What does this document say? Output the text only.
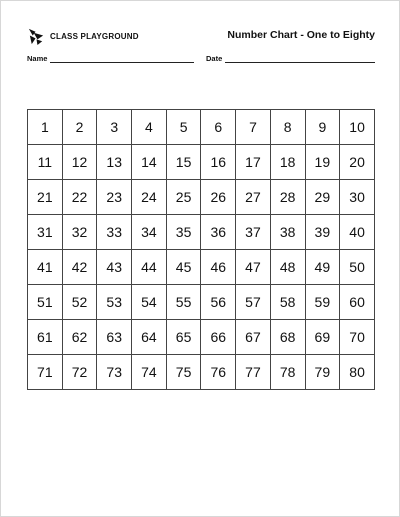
CLASS PLAYGROUND	Number Chart - One to Eighty
Name	Date
1	2	3	4	5	6	7	8	9	10
11	12	13	14	15	16	17	18	19	20
21	22	23	24	25	26	27	28	29	30
31	32	33	34	35	36	37	38	39	40
41	42	43	44	45	46	47	48	49	50
51	52	53	54	55	56	57	58	59	60
61	62	63	64	65	66	67	68	69	70
71	72	73	74	75	76	77	78	79	80
